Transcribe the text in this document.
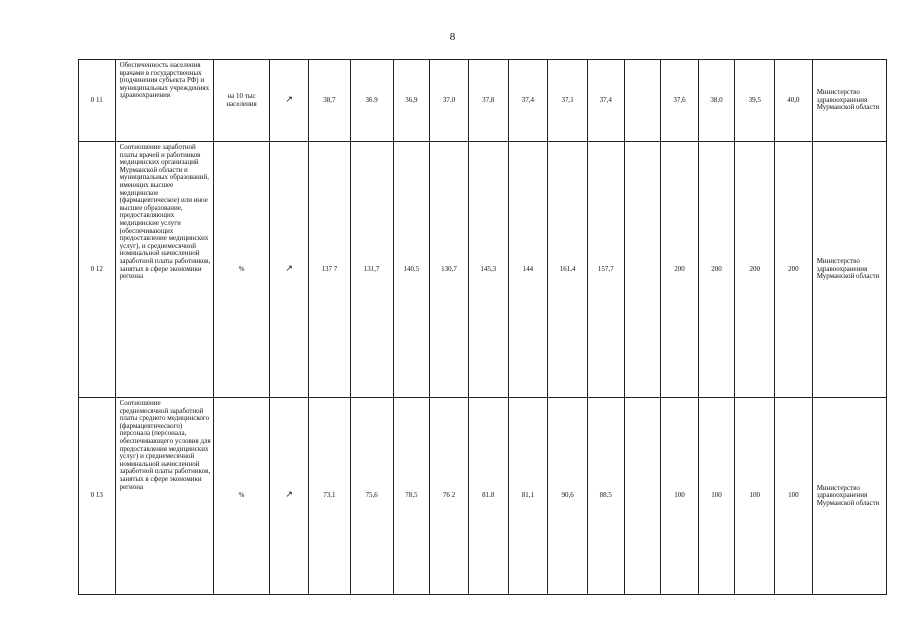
8
0 11	Обеспеченность населения врачами в государственных (подчинения субъекта РФ) и муниципальных учреждениях здравоохранения	на 10 тыс населения	↗	38,7	36.9	36,9	37.0	37,8	37,4	37,1	37,4		37,6	38,0	39,5	40,0	Министерство здравоохранения Мурманской области
0 12	Соотношение заработной платы врачей и работников медицинских организаций Мурманской области и муниципальных образований, имеющих высшее медицинское (фармацевтическое) или иное высшее образование, предоставляющих медицинские услуги (обеспечивающих предоставление медицинских услуг), и среднемесячной номинальной начисленной заработной платы работников, занятых в сфере экономики региона	%	↗	137 7	131,7	140.5	130,7	145,3	144	161,4	157,7		200	200	200	200	Министерство здравоохранения Мурманской области
0 13	Соотношение среднемесячной заработной платы среднего медицинского (фармацевтического) персонала (персонала, обеспечивающего условия для предоставления медицинских услуг) и среднемесячной номинальной начисленной заработной платы работников, занятых в сфере экономики региона	%	↗	73,1	75,6	78,5	76 2	81.8	81,1	90,6	88.5		100	100	100	100	Министерство здравоохранения Мурманской области
